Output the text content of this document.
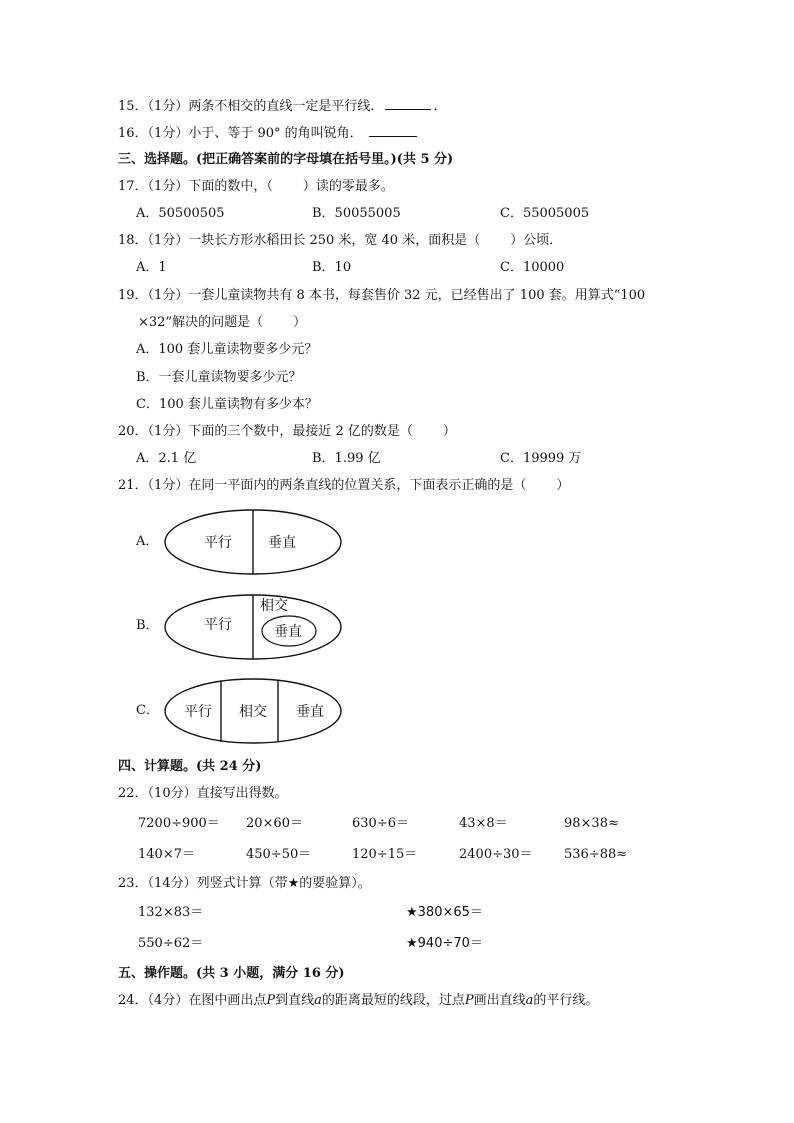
15．（1分）两条不相交的直线一定是平行线．	．
16．（1分）小于、等于 90° 的角叫锐角．
三、选择题。(把正确答案前的字母填在括号里。)(共 5 分)
17．（1分）下面的数中，（ ）读的零最多。
A．50500505	B．50055005	C．55005005
18．（1分）一块长方形水稻田长 250 米，宽 40 米，面积是（ ）公顷．
A．1	B．10	C．10000
19．（1分）一套儿童读物共有 8 本书，每套售价 32 元，已经售出了 100 套。用算式“100
×32”解决的问题是（ ）
A．100 套儿童读物要多少元？
B．一套儿童读物要多少元？
C．100 套儿童读物有多少本？
20．（1分）下面的三个数中，最接近 2 亿的数是（ ）
A．2.1 亿	B．1.99 亿	C．19999 万
21．（1分）在同一平面内的两条直线的位置关系，下面表示正确的是（ ）
A．	平行	垂直
B．	平行
相交
垂直
C． 平行 相交 垂直
四、计算题。(共 24 分)
22．（10分）直接写出得数。
7200÷900＝ 20×60＝	630÷6＝	43×8＝	98×38≈
140×7＝	450÷50＝	120÷15＝	2400÷30＝ 536÷88≈
23．（14分）列竖式计算（带★的要验算）。
132×83＝	★380×65＝
550÷62＝	★940÷70＝
五、操作题。(共 3 小题，满分 16 分)
24．（4分）在图中画出点P到直线a的距离最短的线段，过点P画出直线a的平行线。
